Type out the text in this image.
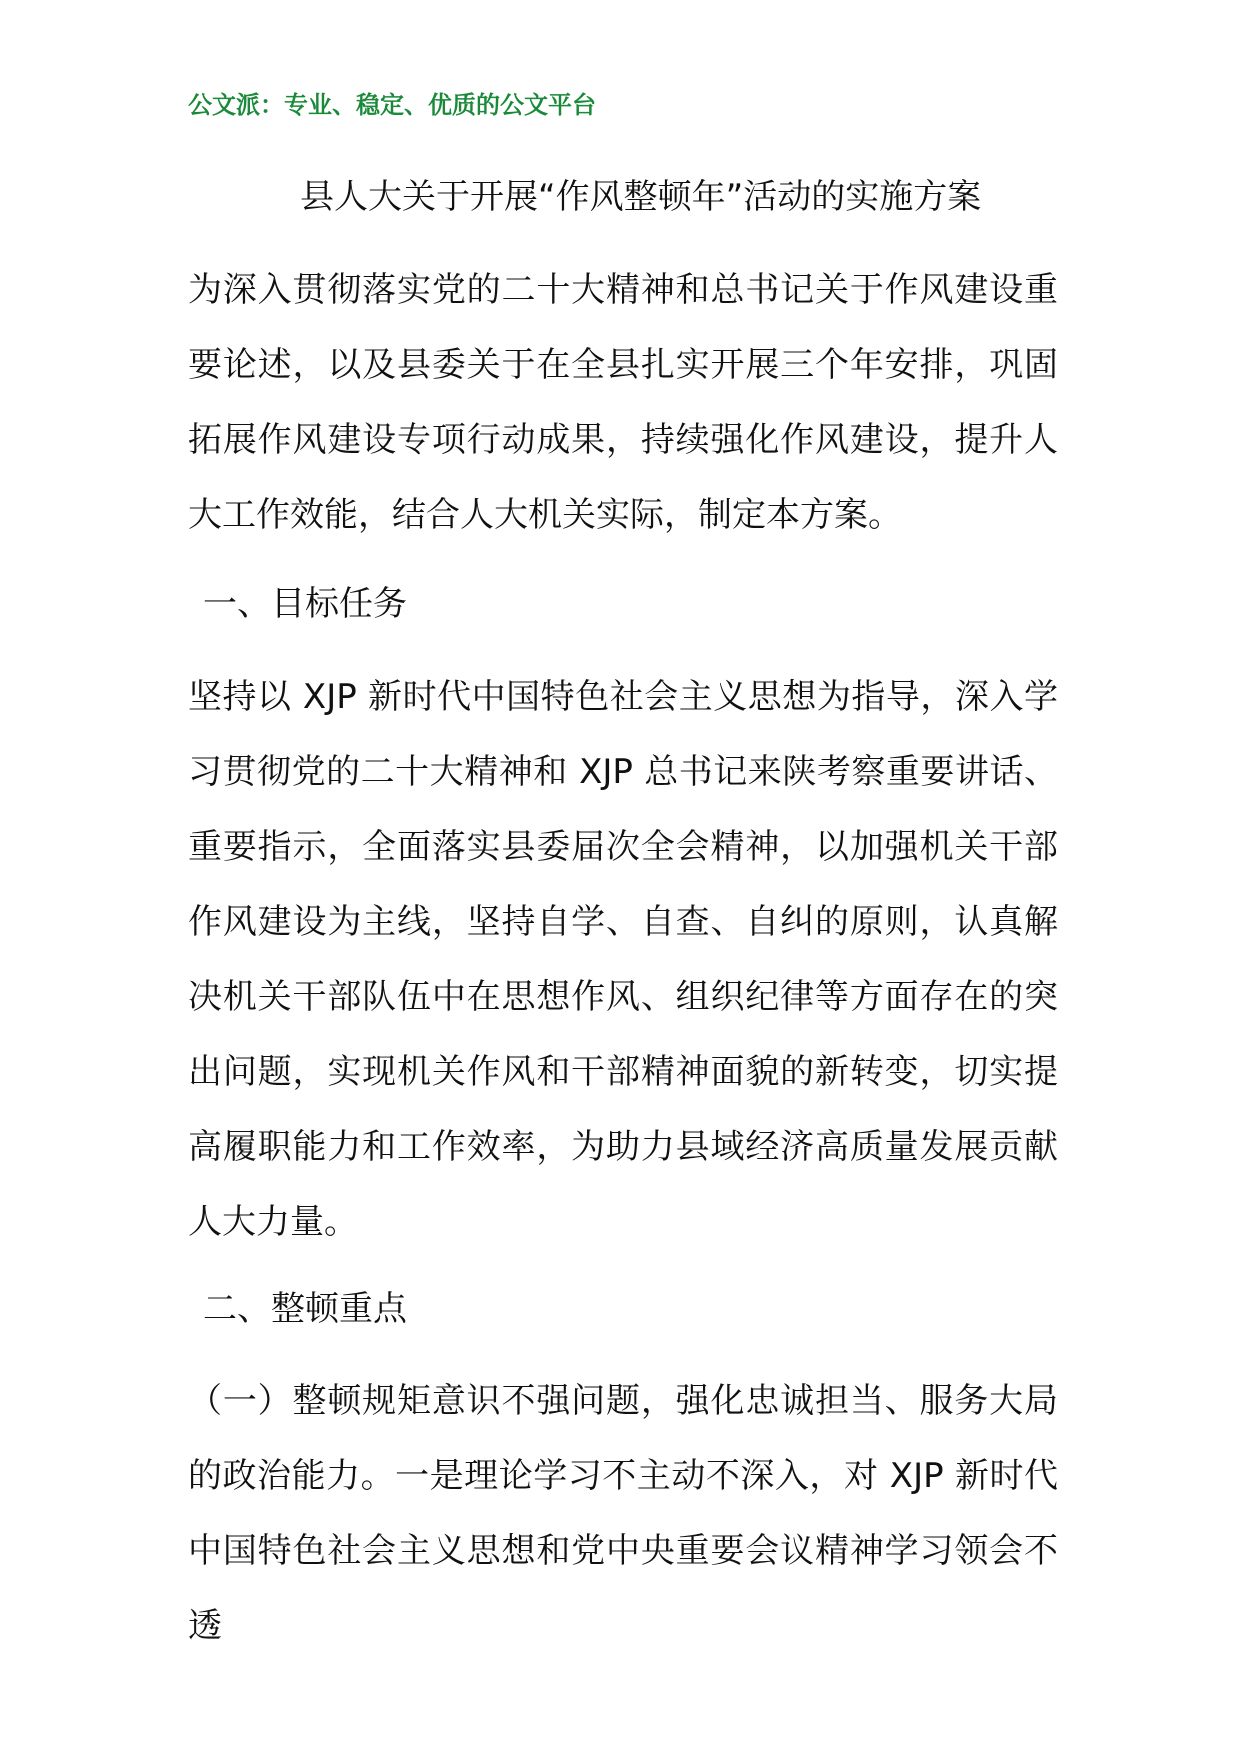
公文派：专业、稳定、优质的公文平台
县人大关于开展“作风整顿年”活动的实施方案
为深入贯彻落实党的二十大精神和总书记关于作风建设重要论述，以及县委关于在全县扎实开展三个年安排，巩固拓展作风建设专项行动成果，持续强化作风建设，提升人大工作效能，结合人大机关实际，制定本方案。
一、目标任务
坚持以 XJP 新时代中国特色社会主义思想为指导，深入学习贯彻党的二十大精神和 XJP 总书记来陕考察重要讲话、重要指示，全面落实县委届次全会精神，以加强机关干部作风建设为主线，坚持自学、自查、自纠的原则，认真解决机关干部队伍中在思想作风、组织纪律等方面存在的突出问题，实现机关作风和干部精神面貌的新转变，切实提高履职能力和工作效率，为助力县域经济高质量发展贡献人大力量。
二、整顿重点
（一）整顿规矩意识不强问题，强化忠诚担当、服务大局的政治能力。一是理论学习不主动不深入，对 XJP 新时代中国特色社会主义思想和党中央重要会议精神学习领会不透
